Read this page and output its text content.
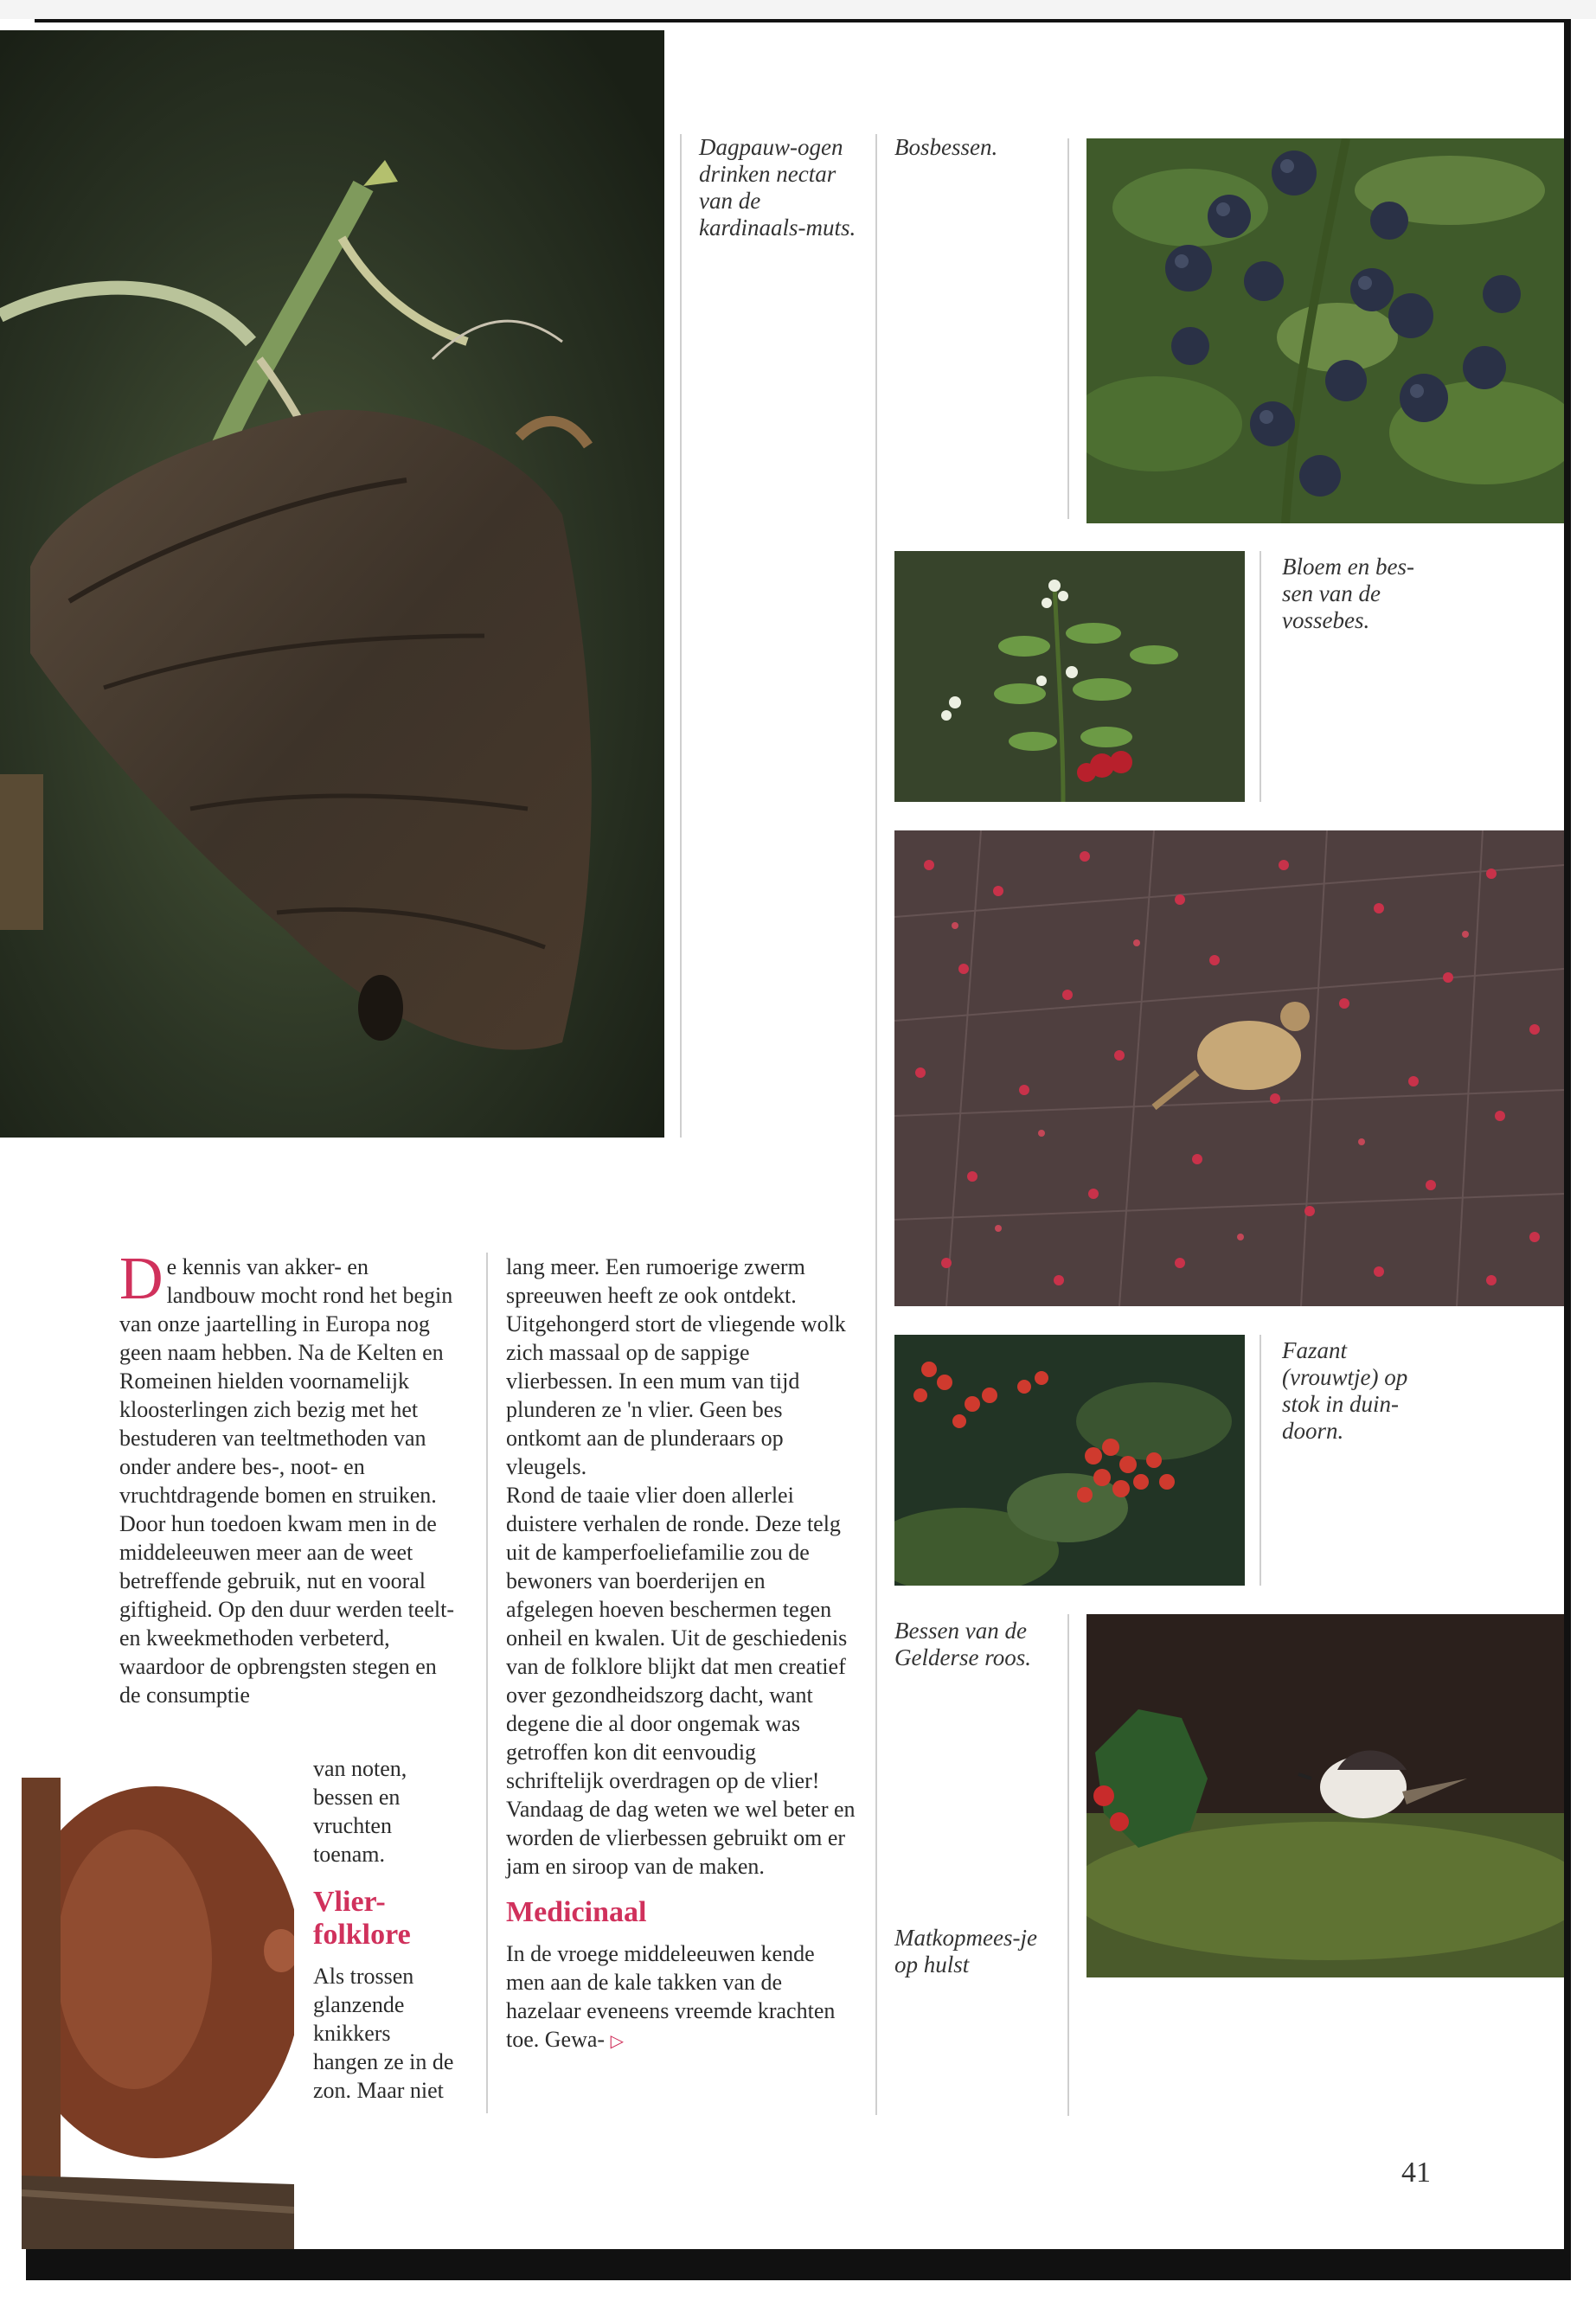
Dagpauw-ogen drinken nectar van de kardinaals-muts.
Bosbessen.
Bloem en bes-sen van de vossebes.
Fazant (vrouwtje) op stok in duin-doorn.
Bessen van de Gelderse roos.
Matkopmees-je op hulst

De kennis van akker- en landbouw mocht rond het begin van onze jaartelling in Europa nog geen naam hebben. Na de Kelten en Romeinen hielden voornamelijk kloosterlingen zich bezig met het bestuderen van teeltmethoden van onder andere bes-, noot- en vruchtdragende bomen en struiken. Door hun toedoen kwam men in de middeleeuwen meer aan de weet betreffende gebruik, nut en vooral giftigheid. Op den duur werden teelt- en kweekmethoden verbeterd, waardoor de opbrengsten stegen en de consumptie

van noten, bessen en vruchten toenam.

Vlier-folklore

Als trossen glanzende knikkers hangen ze in de zon. Maar niet

lang meer. Een rumoerige zwerm spreeuwen heeft ze ook ontdekt. Uitgehongerd stort de vliegende wolk zich massaal op de sappige vlierbessen. In een mum van tijd plunderen ze 'n vlier. Geen bes ontkomt aan de plunderaars op vleugels.

Rond de taaie vlier doen allerlei duistere verhalen de ronde. Deze telg uit de kamperfoeliefamilie zou de bewoners van boerderijen en afgelegen hoeven beschermen tegen onheil en kwalen. Uit de geschiedenis van de folklore blijkt dat men creatief over gezondheidszorg dacht, want degene die al door ongemak was getroffen kon dit eenvoudig schriftelijk overdragen op de vlier! Vandaag de dag weten we wel beter en worden de vlierbessen gebruikt om er jam en siroop van de maken.

Medicinaal

In de vroege middeleeuwen kende men aan de kale takken van de hazelaar eveneens vreemde krachten toe. Gewa- ▷

41
